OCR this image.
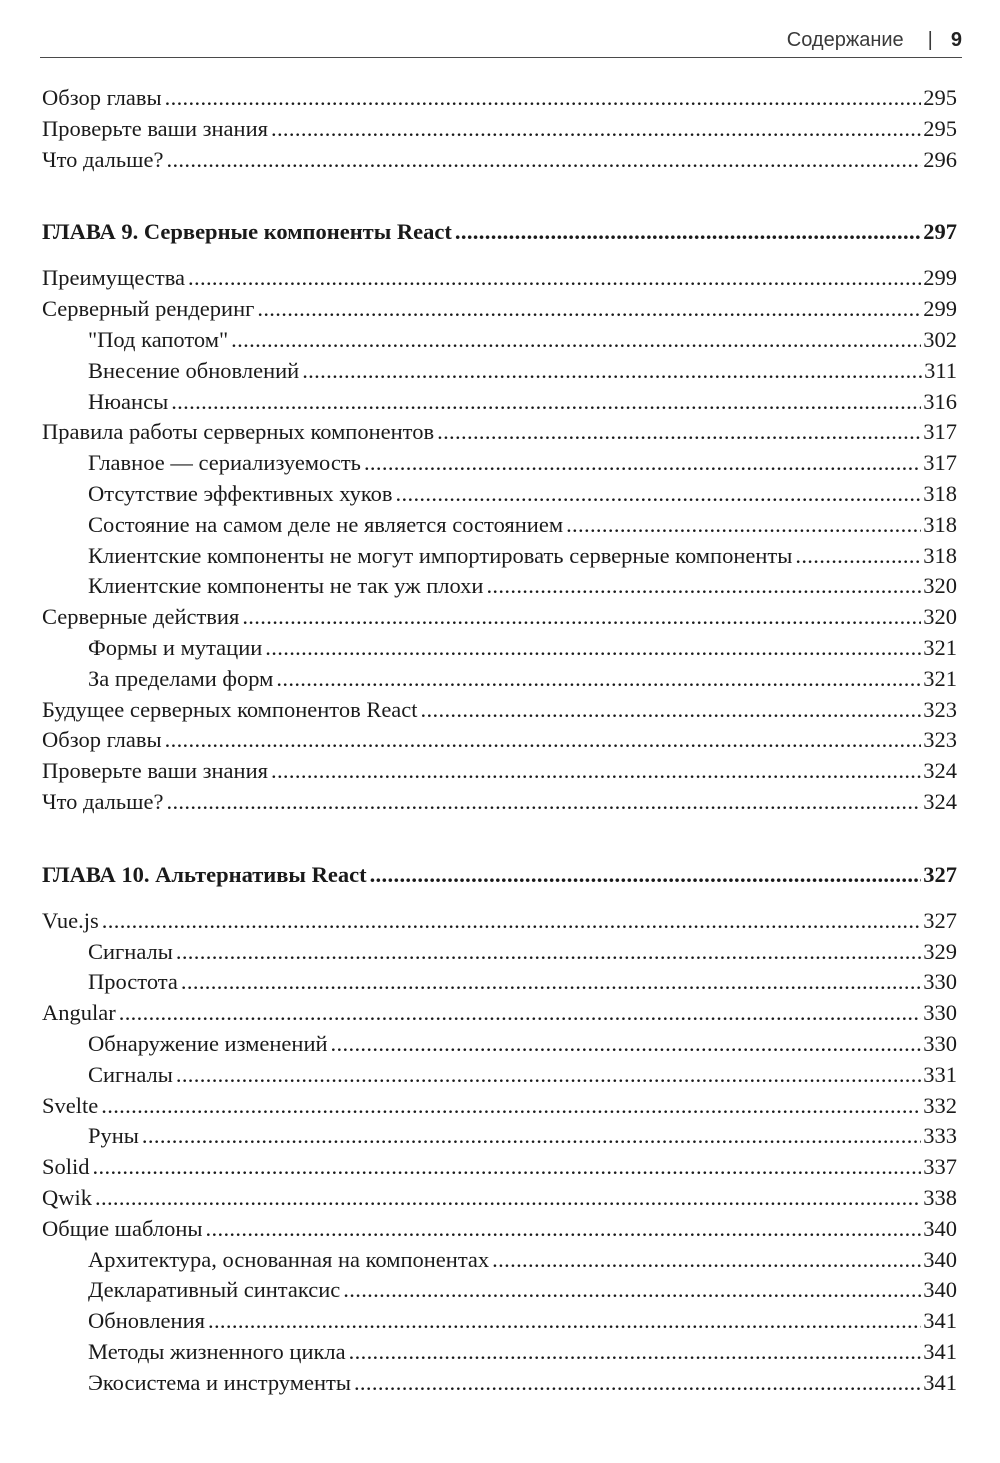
Содержание | 9
Обзор главы .....	295
Проверьте ваши знания .....	295
Что дальше? .....	296
ГЛАВА 9. Серверные компоненты React .....	297
Преимущества .....	299
Серверный рендеринг .....	299
"Под капотом" .....	302
Внесение обновлений .....	311
Нюансы .....	316
Правила работы серверных компонентов .....	317
Главное — сериализуемость .....	317
Отсутствие эффективных хуков .....	318
Состояние на самом деле не является состоянием .....	318
Клиентские компоненты не могут импортировать серверные компоненты .....	318
Клиентские компоненты не так уж плохи .....	320
Серверные действия .....	320
Формы и мутации .....	321
За пределами форм .....	321
Будущее серверных компонентов React .....	323
Обзор главы .....	323
Проверьте ваши знания .....	324
Что дальше? .....	324
ГЛАВА 10. Альтернативы React .....	327
Vue.js .....	327
Сигналы .....	329
Простота .....	330
Angular .....	330
Обнаружение изменений .....	330
Сигналы .....	331
Svelte .....	332
Руны .....	333
Solid .....	337
Qwik .....	338
Общие шаблоны .....	340
Архитектура, основанная на компонентах .....	340
Декларативный синтаксис .....	340
Обновления .....	341
Методы жизненного цикла .....	341
Экосистема и инструменты .....	341
